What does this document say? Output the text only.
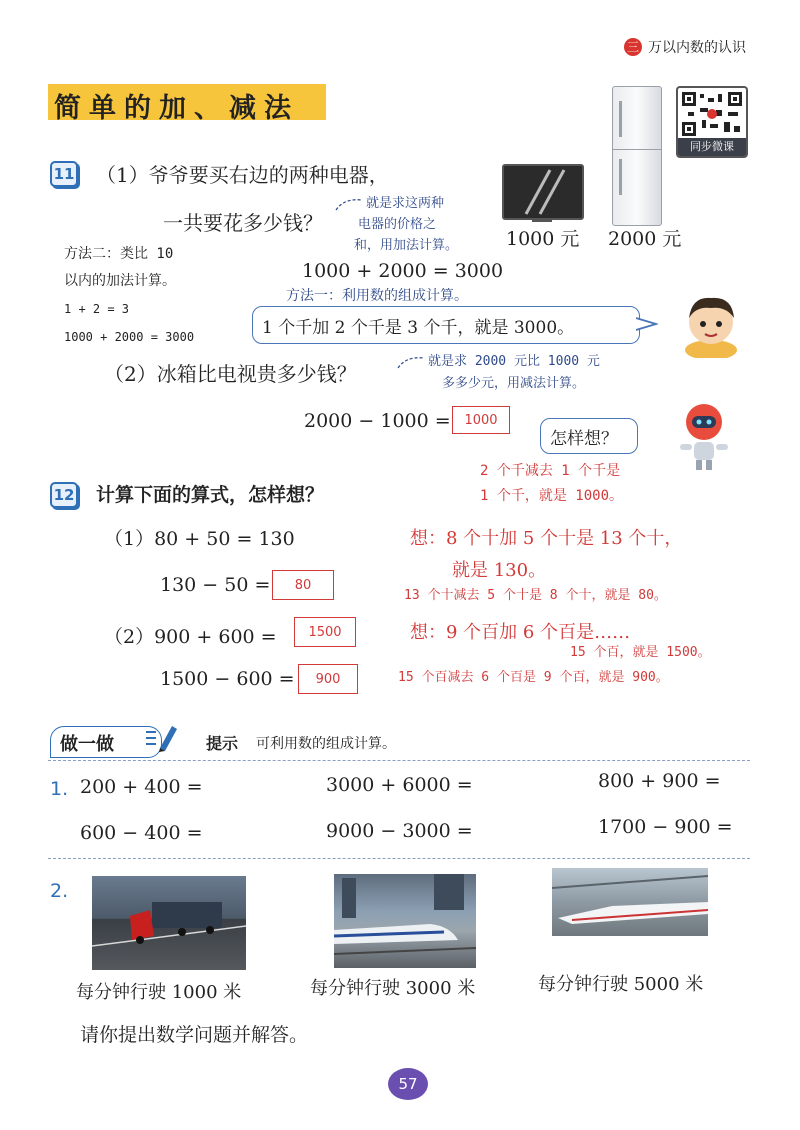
三 万以内数的认识
简单的加、减法
同步微课
11 （1）爷爷要买右边的两种电器，
一共要花多少钱？
就是求这两种
电器的价格之
和，用加法计算。	1000 元 2000 元
方法二：类比 10
以内的加法计算。
1 + 2 = 3
1000 + 2000 = 3000
1000 + 2000 = 3000
方法一：利用数的组成计算。
1 个千加 2 个千是 3 个千，就是 3000。
（2）冰箱比电视贵多少钱？
就是求 2000 元比 1000 元
多多少元，用减法计算。
2000 − 1000 =	1000
怎样想？
2 个千减去 1 个千是
1 个千，就是 1000。
12 计算下面的算式，怎样想？
（1）80 + 50 = 130
130 − 50 =	80
（2）900 + 600 =	1500
1500 − 600 =	900
想：8 个十加 5 个十是 13 个十，
就是 130。
13 个十减去 5 个十是 8 个十，就是 80。
想：9 个百加 6 个百是……
15 个百，就是 1500。
15 个百减去 6 个百是 9 个百，就是 900。
做一做	提示 可利用数的组成计算。
1. 200 + 400 =	3000 + 6000 =	800 + 900 =
600 − 400 =	9000 − 3000 =	1700 − 900 =
2.
每分钟行驶 1000 米	每分钟行驶 3000 米	每分钟行驶 5000 米
请你提出数学问题并解答。
57
